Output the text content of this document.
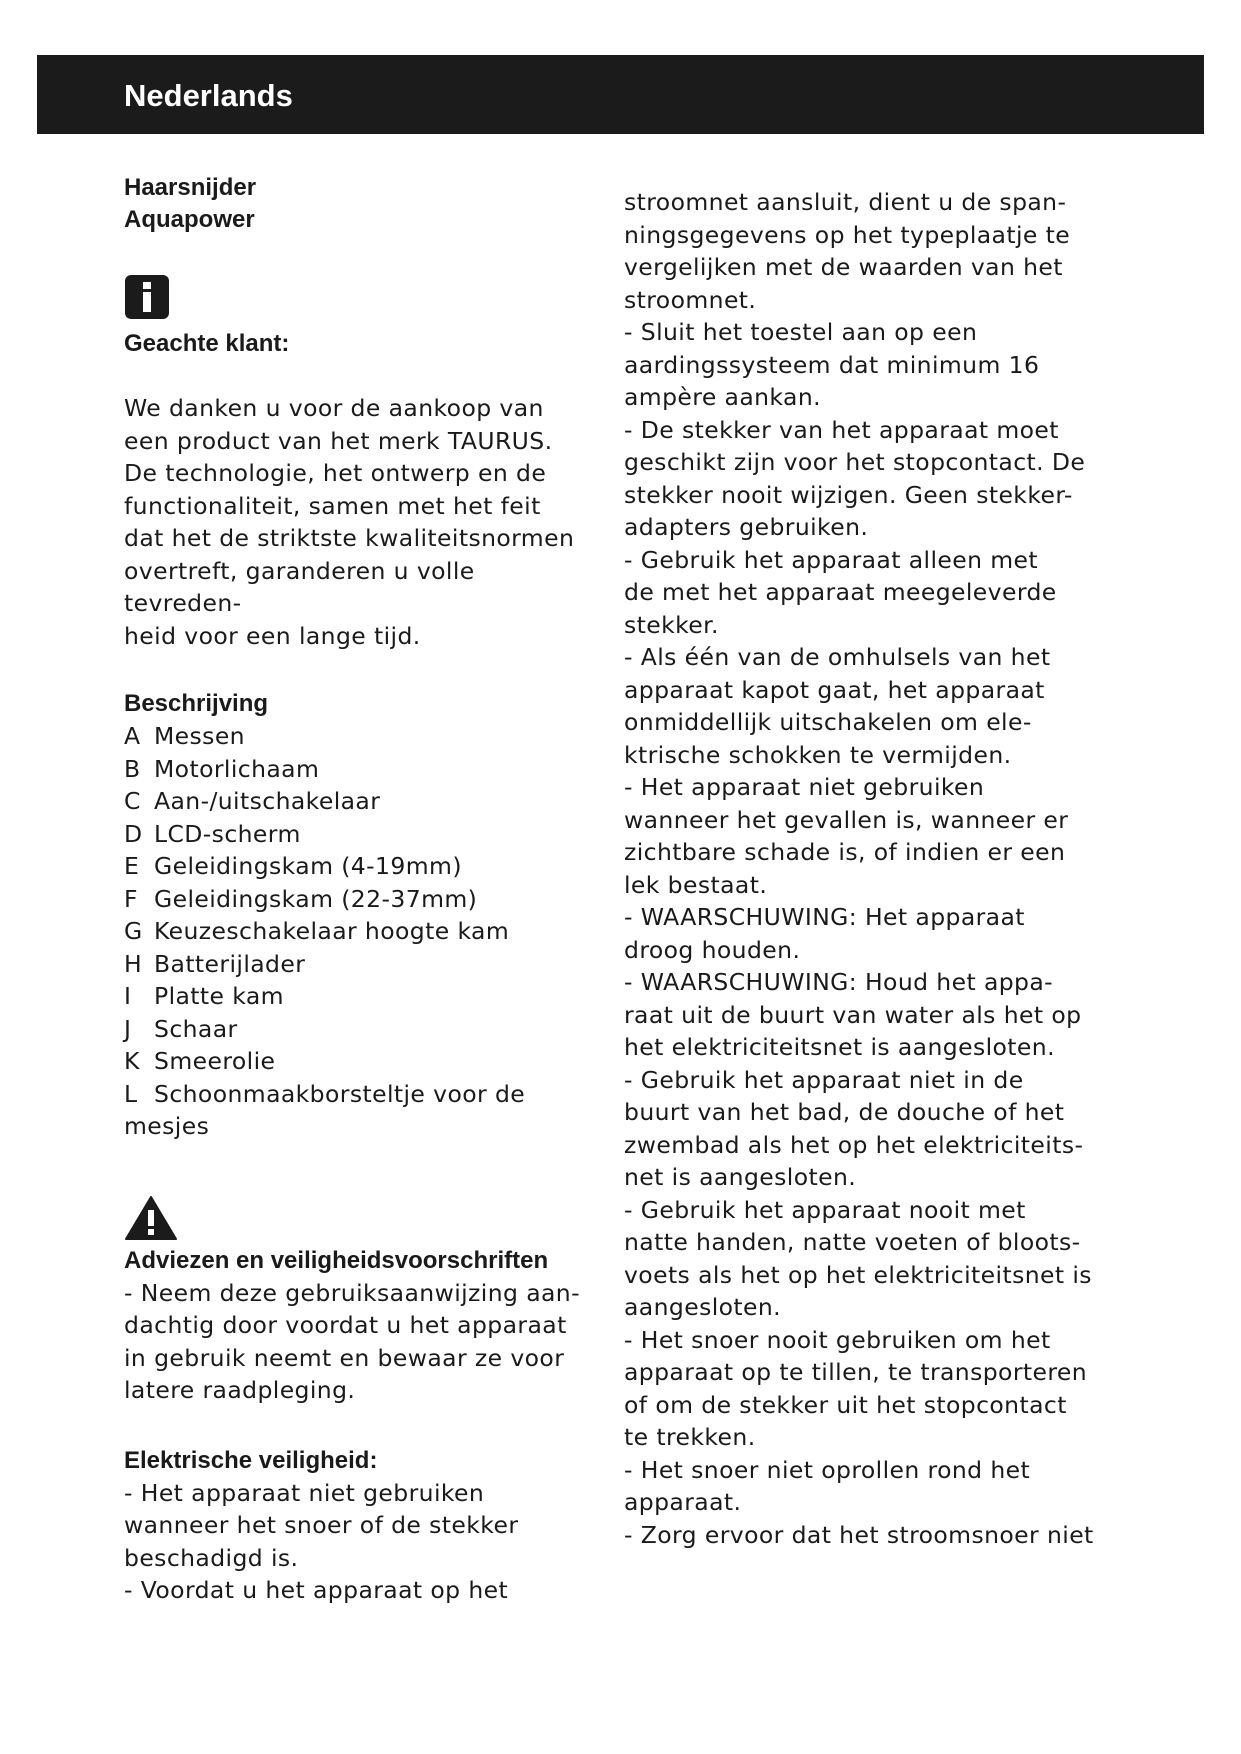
Nederlands
Haarsnijder
Aquapower
Geachte klant:
We danken u voor de aankoop van
een product van het merk TAURUS.
De technologie, het ontwerp en de
functionaliteit, samen met het feit
dat het de striktste kwaliteitsnormen
overtreft, garanderen u volle tevreden-
heid voor een lange tijd.
Beschrijving
A Messen
B Motorlichaam
C Aan-/uitschakelaar
D LCD-scherm
E Geleidingskam (4-19mm)
F Geleidingskam (22-37mm)
G Keuzeschakelaar hoogte kam
H Batterijlader
I Platte kam
J Schaar
K Smeerolie
L Schoonmaakborsteltje voor de
mesjes
Adviezen en veiligheidsvoorschriften
- Neem deze gebruiksaanwijzing aan-
dachtig door voordat u het apparaat
in gebruik neemt en bewaar ze voor
latere raadpleging.
Elektrische veiligheid:
- Het apparaat niet gebruiken
wanneer het snoer of de stekker
beschadigd is.
- Voordat u het apparaat op het
stroomnet aansluit, dient u de span-
ningsgegevens op het typeplaatje te
vergelijken met de waarden van het
stroomnet.
- Sluit het toestel aan op een
aardingssysteem dat minimum 16
ampère aankan.
- De stekker van het apparaat moet
geschikt zijn voor het stopcontact. De
stekker nooit wijzigen. Geen stekker-
adapters gebruiken.
- Gebruik het apparaat alleen met
de met het apparaat meegeleverde
stekker.
- Als één van de omhulsels van het
apparaat kapot gaat, het apparaat
onmiddellijk uitschakelen om ele-
ktrische schokken te vermijden.
- Het apparaat niet gebruiken
wanneer het gevallen is, wanneer er
zichtbare schade is, of indien er een
lek bestaat.
- WAARSCHUWING: Het apparaat
droog houden.
- WAARSCHUWING: Houd het appa-
raat uit de buurt van water als het op
het elektriciteitsnet is aangesloten.
- Gebruik het apparaat niet in de
buurt van het bad, de douche of het
zwembad als het op het elektriciteits-
net is aangesloten.
- Gebruik het apparaat nooit met
natte handen, natte voeten of bloots-
voets als het op het elektriciteitsnet is
aangesloten.
- Het snoer nooit gebruiken om het
apparaat op te tillen, te transporteren
of om de stekker uit het stopcontact
te trekken.
- Het snoer niet oprollen rond het
apparaat.
- Zorg ervoor dat het stroomsnoer niet
